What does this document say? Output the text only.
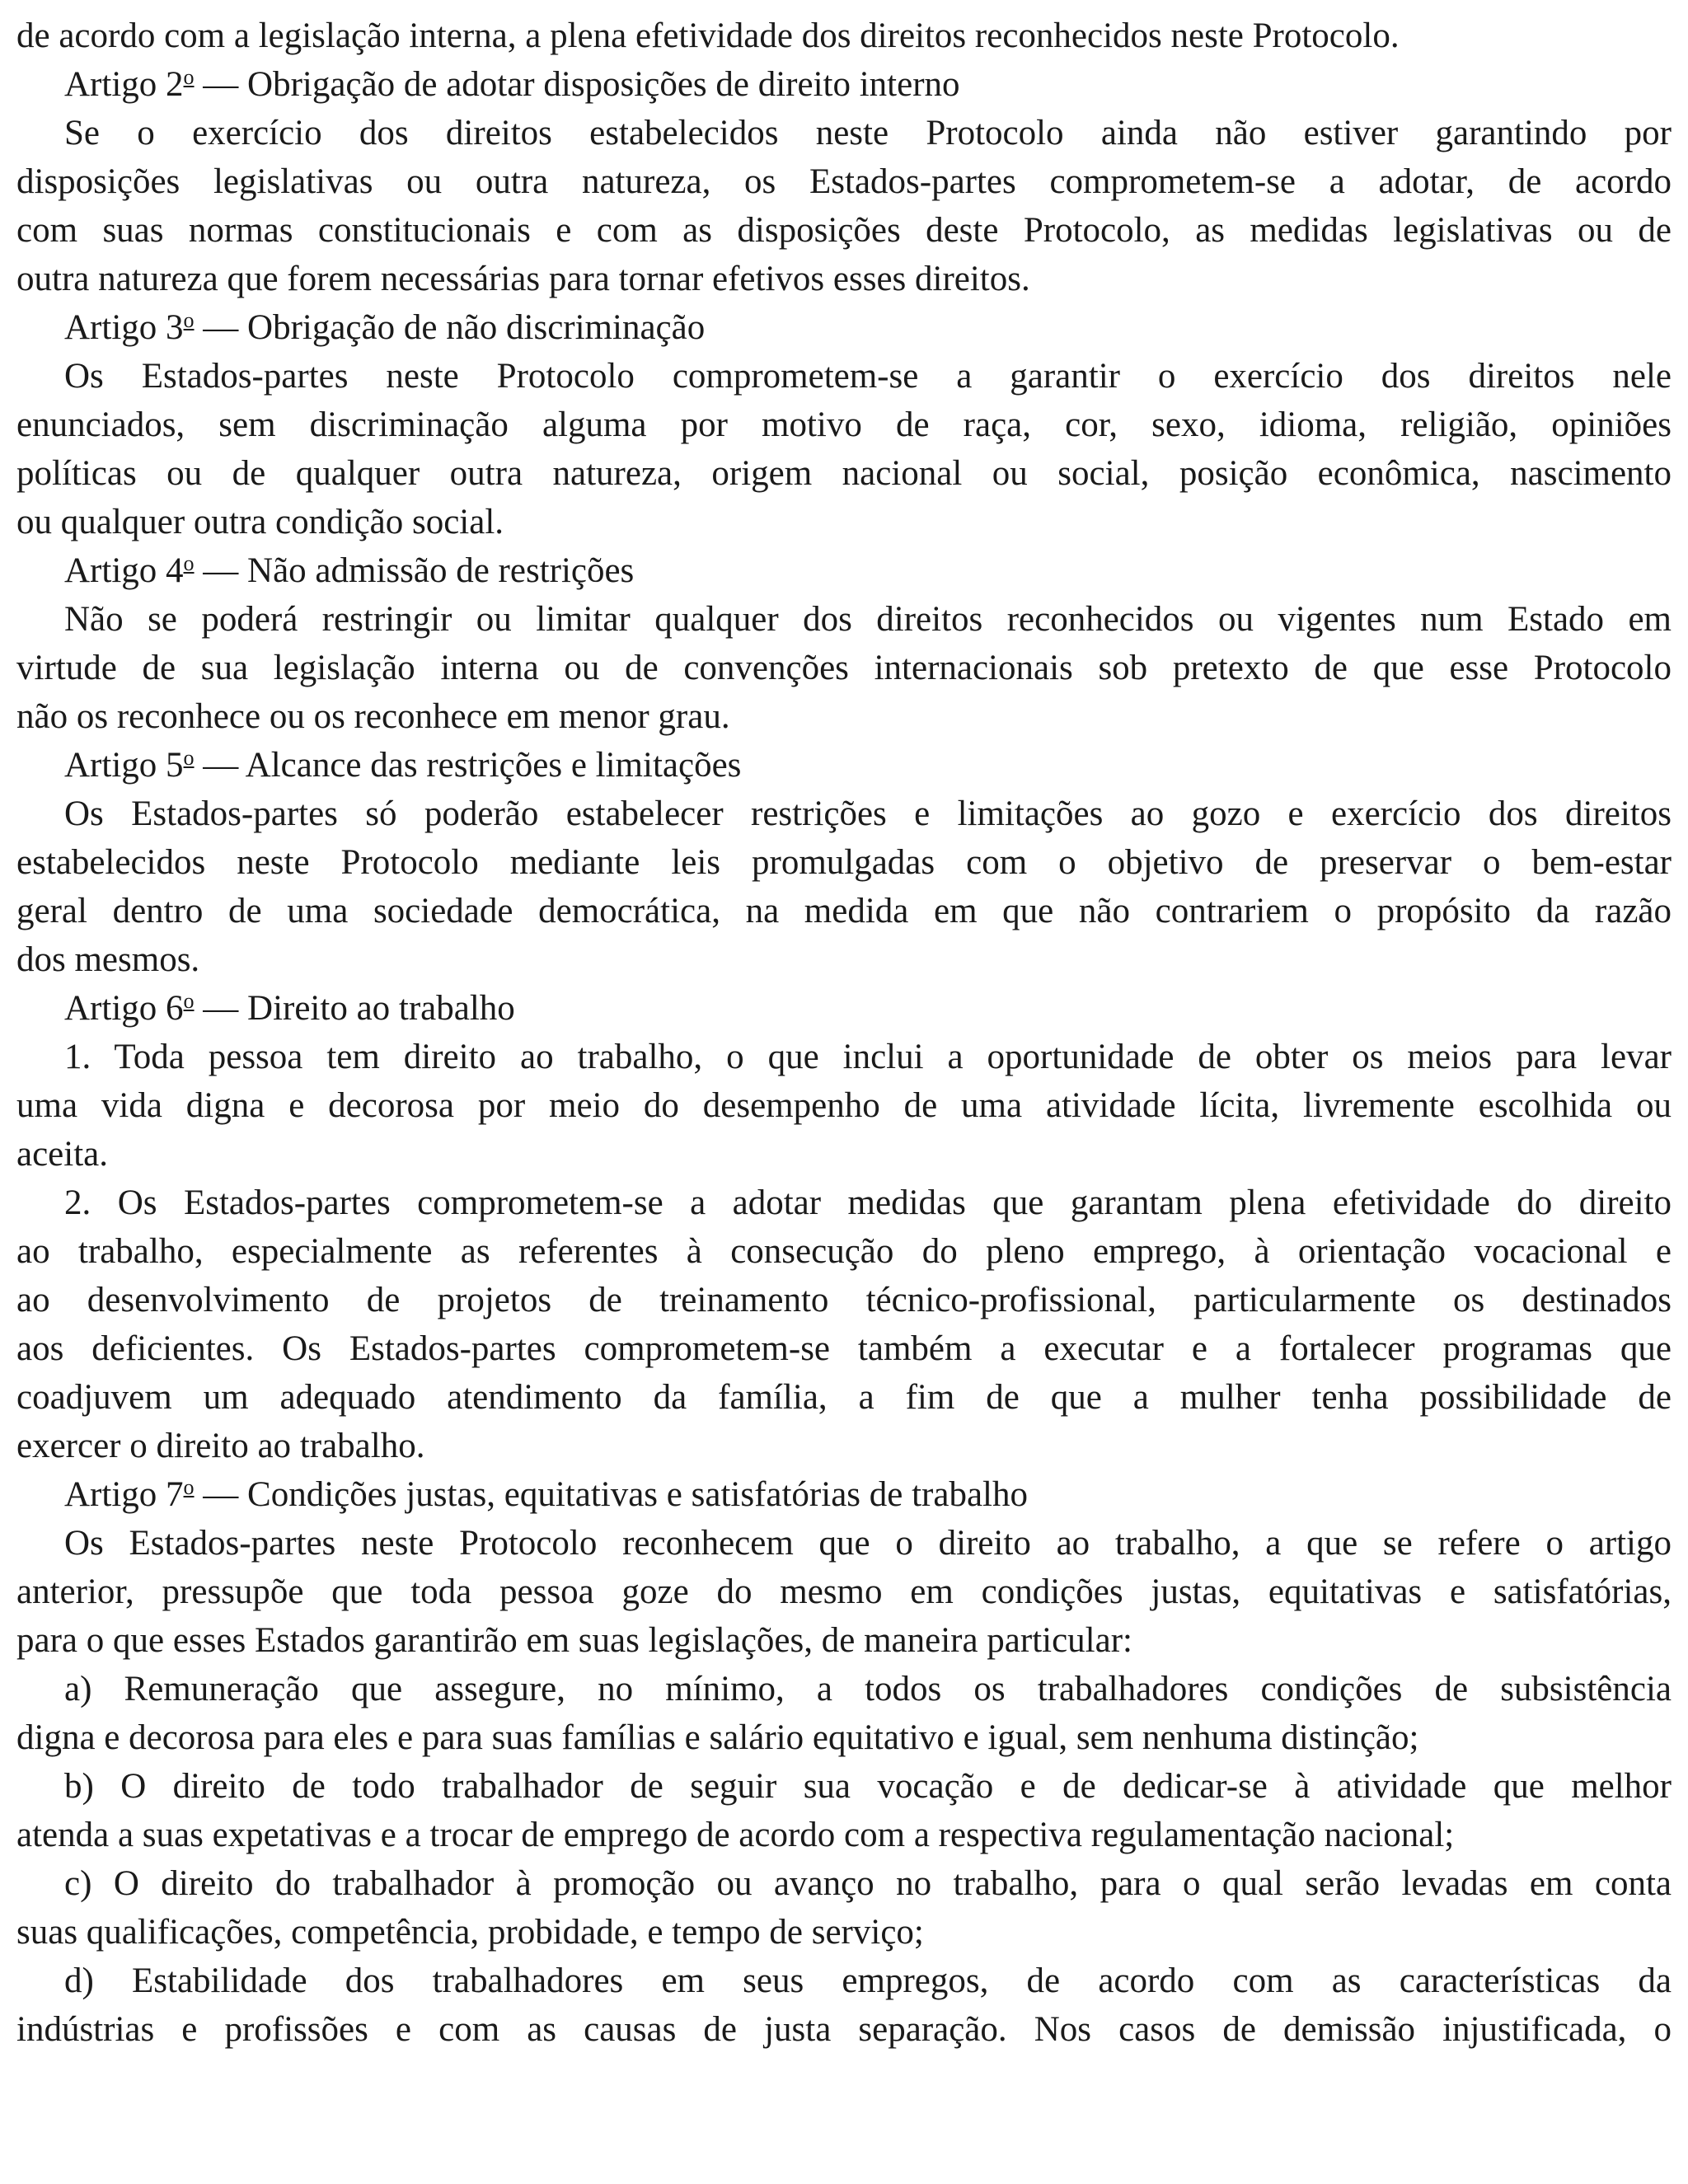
de acordo com a legislação interna, a plena efetividade dos direitos reconhecidos neste Protocolo.
Artigo 2$^o$ — Obrigação de adotar disposições de direito interno
Se o exercício dos direitos estabelecidos neste Protocolo ainda não estiver garantindo por
disposições legislativas ou outra natureza, os Estados-partes comprometem-se a adotar, de acordo
com suas normas constitucionais e com as disposições deste Protocolo, as medidas legislativas ou de
outra natureza que forem necessárias para tornar efetivos esses direitos.
Artigo 3$^o$ — Obrigação de não discriminação
Os Estados-partes neste Protocolo comprometem-se a garantir o exercício dos direitos nele
enunciados, sem discriminação alguma por motivo de raça, cor, sexo, idioma, religião, opiniões
políticas ou de qualquer outra natureza, origem nacional ou social, posição econômica, nascimento
ou qualquer outra condição social.
Artigo 4$^o$ — Não admissão de restrições
Não se poderá restringir ou limitar qualquer dos direitos reconhecidos ou vigentes num Estado em
virtude de sua legislação interna ou de convenções internacionais sob pretexto de que esse Protocolo
não os reconhece ou os reconhece em menor grau.
Artigo 5$^o$ — Alcance das restrições e limitações
Os Estados-partes só poderão estabelecer restrições e limitações ao gozo e exercício dos direitos
estabelecidos neste Protocolo mediante leis promulgadas com o objetivo de preservar o bem-estar
geral dentro de uma sociedade democrática, na medida em que não contrariem o propósito da razão
dos mesmos.
Artigo 6$^o$ — Direito ao trabalho
1. Toda pessoa tem direito ao trabalho, o que inclui a oportunidade de obter os meios para levar
uma vida digna e decorosa por meio do desempenho de uma atividade lícita, livremente escolhida ou
aceita.
2. Os Estados-partes comprometem-se a adotar medidas que garantam plena efetividade do direito
ao trabalho, especialmente as referentes à consecução do pleno emprego, à orientação vocacional e
ao desenvolvimento de projetos de treinamento técnico-profissional, particularmente os destinados
aos deficientes. Os Estados-partes comprometem-se também a executar e a fortalecer programas que
coadjuvem um adequado atendimento da família, a fim de que a mulher tenha possibilidade de
exercer o direito ao trabalho.
Artigo 7$^o$ — Condições justas, equitativas e satisfatórias de trabalho
Os Estados-partes neste Protocolo reconhecem que o direito ao trabalho, a que se refere o artigo
anterior, pressupõe que toda pessoa goze do mesmo em condições justas, equitativas e satisfatórias,
para o que esses Estados garantirão em suas legislações, de maneira particular:
a) Remuneração que assegure, no mínimo, a todos os trabalhadores condições de subsistência
digna e decorosa para eles e para suas famílias e salário equitativo e igual, sem nenhuma distinção;
b) O direito de todo trabalhador de seguir sua vocação e de dedicar-se à atividade que melhor
atenda a suas expetativas e a trocar de emprego de acordo com a respectiva regulamentação nacional;
c) O direito do trabalhador à promoção ou avanço no trabalho, para o qual serão levadas em conta
suas qualificações, competência, probidade, e tempo de serviço;
d) Estabilidade dos trabalhadores em seus empregos, de acordo com as características da
indústrias e profissões e com as causas de justa separação. Nos casos de demissão injustificada, o
